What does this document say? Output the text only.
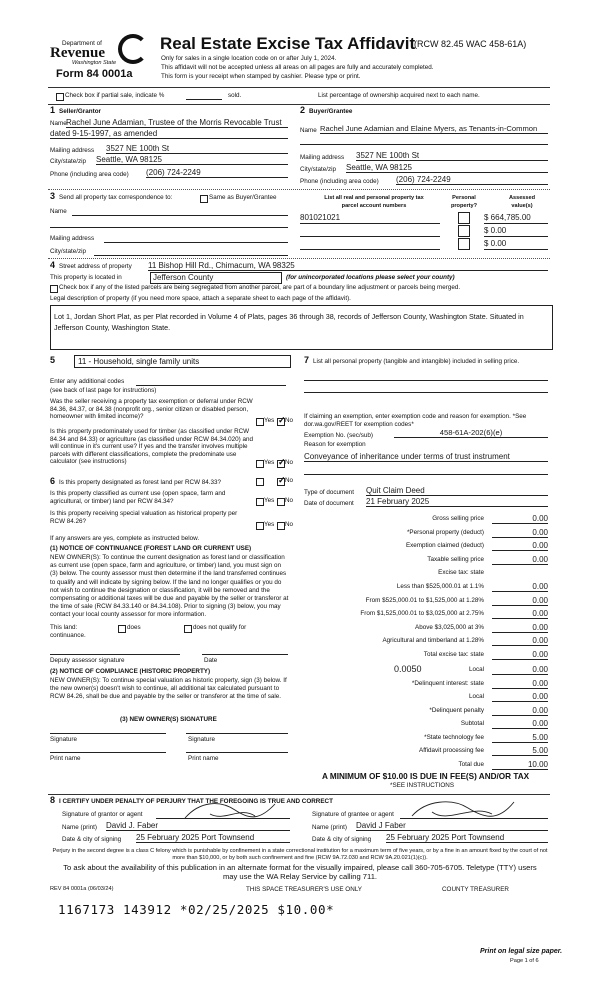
Department of
Revenue
Washington State
Form 84 0001a
Real Estate Excise Tax Affidavit
(RCW 82.45 WAC 458-61A)
Only for sales in a single location code on or after July 1, 2024.
This affidavit will not be accepted unless all areas on all pages are fully and accurately completed.
This form is your receipt when stamped by cashier. Please type or print.
Check box if partial sale, indicate %	sold.	List percentage of ownership acquired next to each name.
1 Seller/Grantor
Name Rachel June Adamian, Trustee of the Morris Revocable Trust
dated 9-15-1997, as amended
Mailing address 3527 NE 100th St
City/state/zip Seattle, WA 98125
Phone (including area code) (206) 724-2249
2 Buyer/Grantee
Name Rachel June Adamian and Elaine Myers, as Tenants-in-Common
Mailing address 3527 NE 100th St
City/state/zip Seattle, WA 98125
Phone (including area code) (206) 724-2249
3 Send all property tax correspondence to:	Same as Buyer/Grantee
Name
Mailing address
City/state/zip
List all real and personal property tax
parcel account numbers
Personal
property?
Assessed
value(s)
801021021	$ 664,785.00
$ 0.00
$ 0.00
4 Street address of property 11 Bishop Hill Rd., Chimacum, WA 98325
This property is located in	Jefferson County	(for unincorporated locations please select your county)
Check box if any of the listed parcels are being segregated from another parcel, are part of a boundary line adjustment or parcels being merged.
Legal description of property (if you need more space, attach a separate sheet to each page of the affidavit).
Lot 1, Jordan Short Plat, as per Plat recorded in Volume 4 of Plats, pages 36 through 38, records of Jefferson County, Washington State. Situated in Jefferson County, Washington State.
5	11 - Household, single family units
Enter any additional codes
(see back of last page for instructions)
Was the seller receiving a property tax exemption or deferral under RCW 84.36, 84.37, or 84.38 (nonprofit org., senior citizen or disabled person, homeowner with limited income)?
Yes ✓ No
Is this property predominately used for timber (as classified under RCW 84.34 and 84.33) or agriculture (as classified under RCW 84.34.020) and will continue in it's current use? If yes and the transfer involves multiple parcels with different classifications, complete the predominate use calculator (see instructions)	Yes ✓ No
6 Is this property designated as forest land per RCW 84.33?	✓ No
Is this property classified as current use (open space, farm and agricultural, or timber) land per RCW 84.34?	Yes No
Is this property receiving special valuation as historical property per RCW 84.26?	Yes No
If any answers are yes, complete as instructed below.
(1) NOTICE OF CONTINUANCE (FOREST LAND OR CURRENT USE)
NEW OWNER(S): To continue the current designation as forest land or classification as current use (open space, farm and agriculture, or timber) land, you must sign on (3) below. The county assessor must then determine if the land transferred continues to qualify and will indicate by signing below. If the land no longer qualifies or you do not wish to continue the designation or classification, it will be removed and the compensating or additional taxes will be due and payable by the seller or transferor at the time of sale (RCW 84.33.140 or 84.34.108). Prior to signing (3) below, you may contact your local county assessor for more information.
This land:	does	does not qualify for
continuance.
Deputy assessor signature	Date
(2) NOTICE OF COMPLIANCE (HISTORIC PROPERTY)
NEW OWNER(S): To continue special valuation as historic property, sign (3) below. If the new owner(s) doesn't wish to continue, all additional tax calculated pursuant to RCW 84.26, shall be due and payable by the seller or transferor at the time of sale.
(3) NEW OWNER(S) SIGNATURE
Signature	Signature
Print name	Print name
7 List all personal property (tangible and intangible) included in selling price.
If claiming an exemption, enter exemption code and reason for exemption. *See dor.wa.gov/REET for exemption codes*
Exemption No. (sec/sub)	458-61A-202(6)(e)
Reason for exemption
Conveyance of inheritance under terms of trust instrument
Type of document Quit Claim Deed
Date of document 21 February 2025
Gross selling price	0.00
*Personal property (deduct)	0.00
Exemption claimed (deduct)	0.00
Taxable selling price	0.00
Excise tax: state
Less than $525,000.01 at 1.1%	0.00
From $525,000.01 to $1,525,000 at 1.28%	0.00
From $1,525,000.01 to $3,025,000 at 2.75%	0.00
Above $3,025,000 at 3%	0.00
Agricultural and timberland at 1.28%	0.00
Total excise tax: state	0.00
Local	0.00
*Delinquent interest: state	0.00
Local	0.00
*Delinquent penalty	0.00
Subtotal	0.00
*State technology fee	5.00
Affidavit processing fee	5.00
Total due	10.00
0.0050
A MINIMUM OF $10.00 IS DUE IN FEE(S) AND/OR TAX
*SEE INSTRUCTIONS
8 I CERTIFY UNDER PENALTY OF PERJURY THAT THE FOREGOING IS TRUE AND CORRECT
Signature of grantor or agent
Name (print) David J. Faber
Date & city of signing 25 February 2025 Port Townsend
Signature of grantee or agent
Name (print) David J Faber
Date & city of signing 25 February 2025 Port Townsend
Perjury in the second degree is a class C felony which is punishable by confinement in a state correctional institution for a maximum term of five years, or by a fine in an amount fixed by the court of not more than $10,000, or by both such confinement and fine (RCW 9A.72.030 and RCW 9A.20.021(1)(c)).
To ask about the availability of this publication in an alternate format for the visually impaired, please call 360-705-6705. Teletype (TTY) users may use the WA Relay Service by calling 711.
REV 84 0001a (06/03/24)	THIS SPACE TREASURER'S USE ONLY	COUNTY TREASURER
1167173 143912 *02/25/2025 $10.00*
Print on legal size paper.
Page 1 of 6
